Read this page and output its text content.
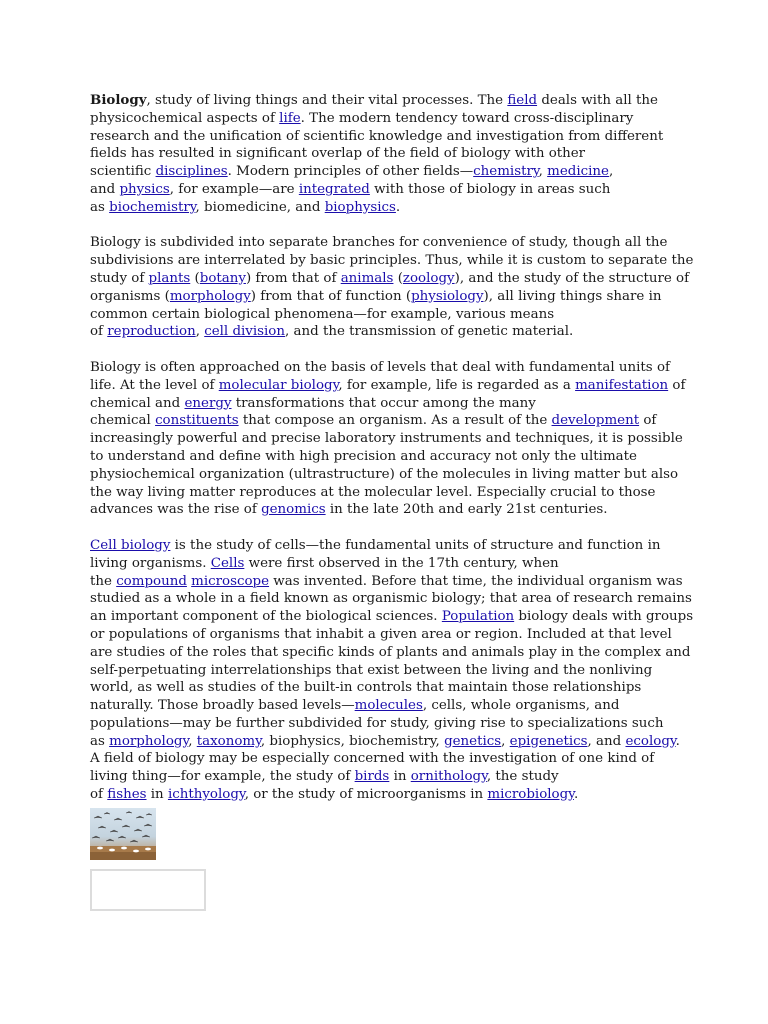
Biology, study of living things and their vital processes. The field deals with all the
physicochemical aspects of life. The modern tendency toward cross-disciplinary
research and the unification of scientific knowledge and investigation from different
fields has resulted in significant overlap of the field of biology with other
scientific disciplines. Modern principles of other fields—chemistry, medicine,
and physics, for example—are integrated with those of biology in areas such
as biochemistry, biomedicine, and biophysics.
Biology is subdivided into separate branches for convenience of study, though all the
subdivisions are interrelated by basic principles. Thus, while it is custom to separate the
study of plants (botany) from that of animals (zoology), and the study of the structure of
organisms (morphology) from that of function (physiology), all living things share in
common certain biological phenomena—for example, various means
of reproduction, cell division, and the transmission of genetic material.
Biology is often approached on the basis of levels that deal with fundamental units of
life. At the level of molecular biology, for example, life is regarded as a manifestation of
chemical and energy transformations that occur among the many
chemical constituents that compose an organism. As a result of the development of
increasingly powerful and precise laboratory instruments and techniques, it is possible
to understand and define with high precision and accuracy not only the ultimate
physiochemical organization (ultrastructure) of the molecules in living matter but also
the way living matter reproduces at the molecular level. Especially crucial to those
advances was the rise of genomics in the late 20th and early 21st centuries.
Cell biology is the study of cells—the fundamental units of structure and function in
living organisms. Cells were first observed in the 17th century, when
the compound microscope was invented. Before that time, the individual organism was
studied as a whole in a field known as organismic biology; that area of research remains
an important component of the biological sciences. Population biology deals with groups
or populations of organisms that inhabit a given area or region. Included at that level
are studies of the roles that specific kinds of plants and animals play in the complex and
self-perpetuating interrelationships that exist between the living and the nonliving
world, as well as studies of the built-in controls that maintain those relationships
naturally. Those broadly based levels—molecules, cells, whole organisms, and
populations—may be further subdivided for study, giving rise to specializations such
as morphology, taxonomy, biophysics, biochemistry, genetics, epigenetics, and ecology.
A field of biology may be especially concerned with the investigation of one kind of
living thing—for example, the study of birds in ornithology, the study
of fishes in ichthyology, or the study of microorganisms in microbiology.
